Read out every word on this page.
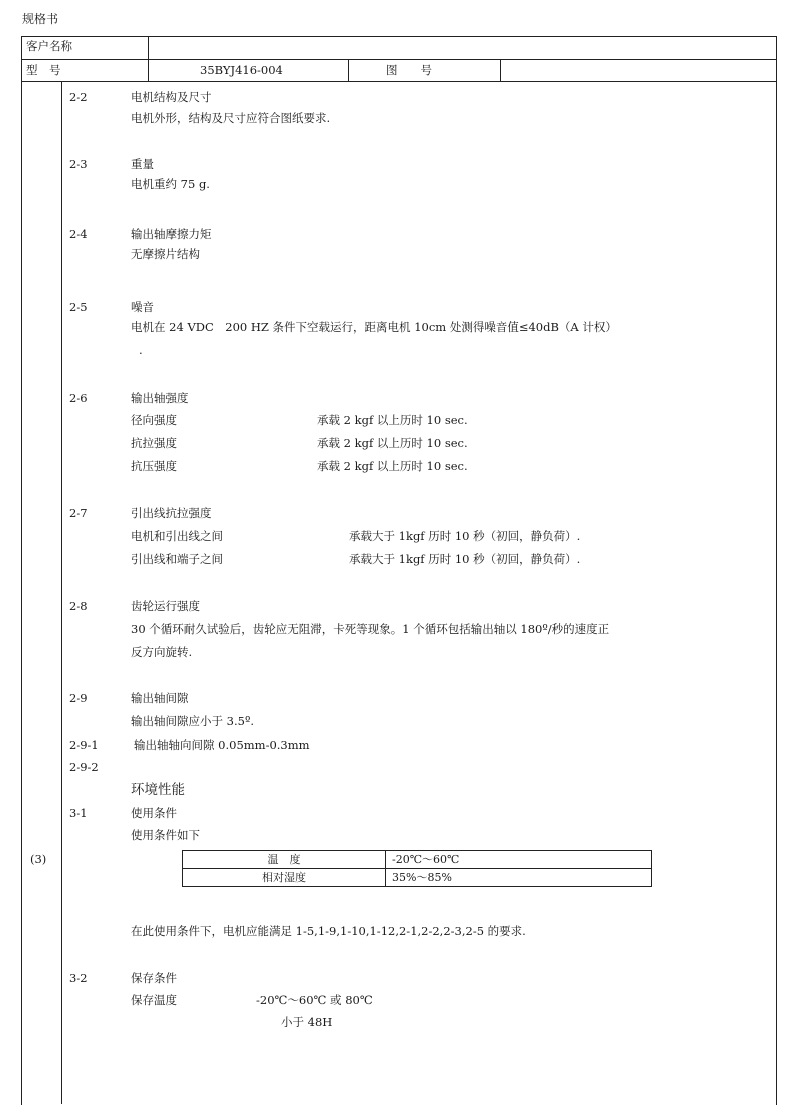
规格书
客户名称
型　号	35BYJ416-004	图　　号
(3)
2-2	电机结构及尺寸
电机外形，结构及尺寸应符合图纸要求.
2-3	重量
电机重约 75 g.
2-4	输出轴摩擦力矩
无摩擦片结构
2-5	噪音
电机在 24 VDC　200 HZ 条件下空载运行，距离电机 10cm 处测得噪音值≤40dB（A 计权）
.
2-6	输出轴强度
径向强度	承载 2 kgf 以上历时 10 sec.
抗拉强度	承载 2 kgf 以上历时 10 sec.
抗压强度	承载 2 kgf 以上历时 10 sec.
2-7	引出线抗拉强度
电机和引出线之间	承载大于 1kgf 历时 10 秒（初回，静负荷）.
引出线和端子之间	承载大于 1kgf 历时 10 秒（初回，静负荷）.
2-8	齿轮运行强度
30 个循环耐久试验后，齿轮应无阻滞，卡死等现象。1 个循环包括输出轴以 180º/秒的速度正
反方向旋转.
2-9	输出轴间隙
输出轴间隙应小于 3.5º.
2-9-1	输出轴轴向间隙 0.05mm-0.3mm
2-9-2
环境性能
3-1	使用条件
使用条件如下
温　度	-20℃～60℃
相对湿度	35%～85%
在此使用条件下，电机应能满足 1-5,1-9,1-10,1-12,2-1,2-2,2-3,2-5 的要求.
3-2	保存条件
保存温度	-20℃～60℃ 或 80℃
小于 48H
